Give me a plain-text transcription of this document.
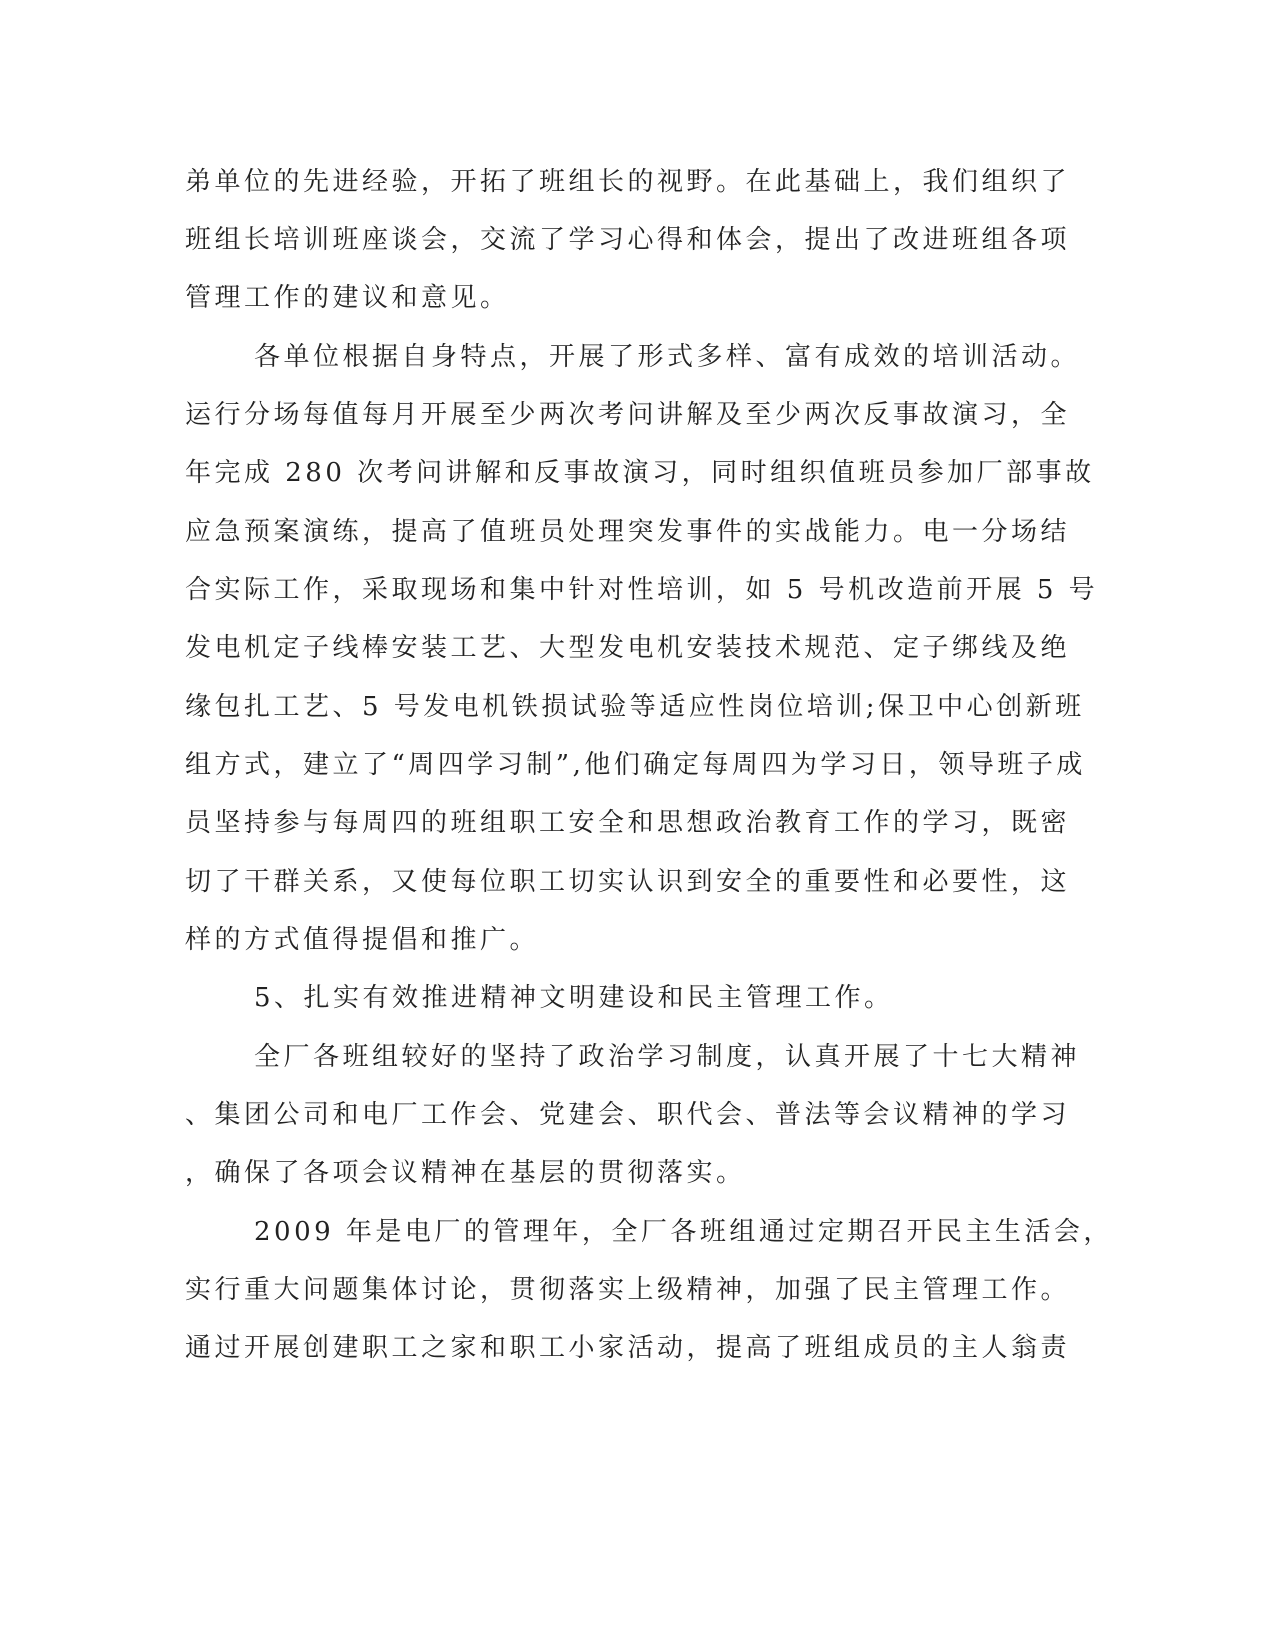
弟单位的先进经验，开拓了班组长的视野。在此基础上，我们组织了

班组长培训班座谈会，交流了学习心得和体会，提出了改进班组各项

管理工作的建议和意见。

各单位根据自身特点，开展了形式多样、富有成效的培训活动。

运行分场每值每月开展至少两次考问讲解及至少两次反事故演习，全

年完成 280 次考问讲解和反事故演习，同时组织值班员参加厂部事故

应急预案演练，提高了值班员处理突发事件的实战能力。电一分场结

合实际工作，采取现场和集中针对性培训，如 5 号机改造前开展 5 号

发电机定子线棒安装工艺、大型发电机安装技术规范、定子绑线及绝

缘包扎工艺、5 号发电机铁损试验等适应性岗位培训;保卫中心创新班

组方式，建立了“周四学习制”,他们确定每周四为学习日，领导班子成

员坚持参与每周四的班组职工安全和思想政治教育工作的学习，既密

切了干群关系，又使每位职工切实认识到安全的重要性和必要性，这

样的方式值得提倡和推广。

5、扎实有效推进精神文明建设和民主管理工作。

全厂各班组较好的坚持了政治学习制度，认真开展了十七大精神

、集团公司和电厂工作会、党建会、职代会、普法等会议精神的学习

，确保了各项会议精神在基层的贯彻落实。

2009 年是电厂的管理年，全厂各班组通过定期召开民主生活会，

实行重大问题集体讨论，贯彻落实上级精神，加强了民主管理工作。

通过开展创建职工之家和职工小家活动，提高了班组成员的主人翁责
